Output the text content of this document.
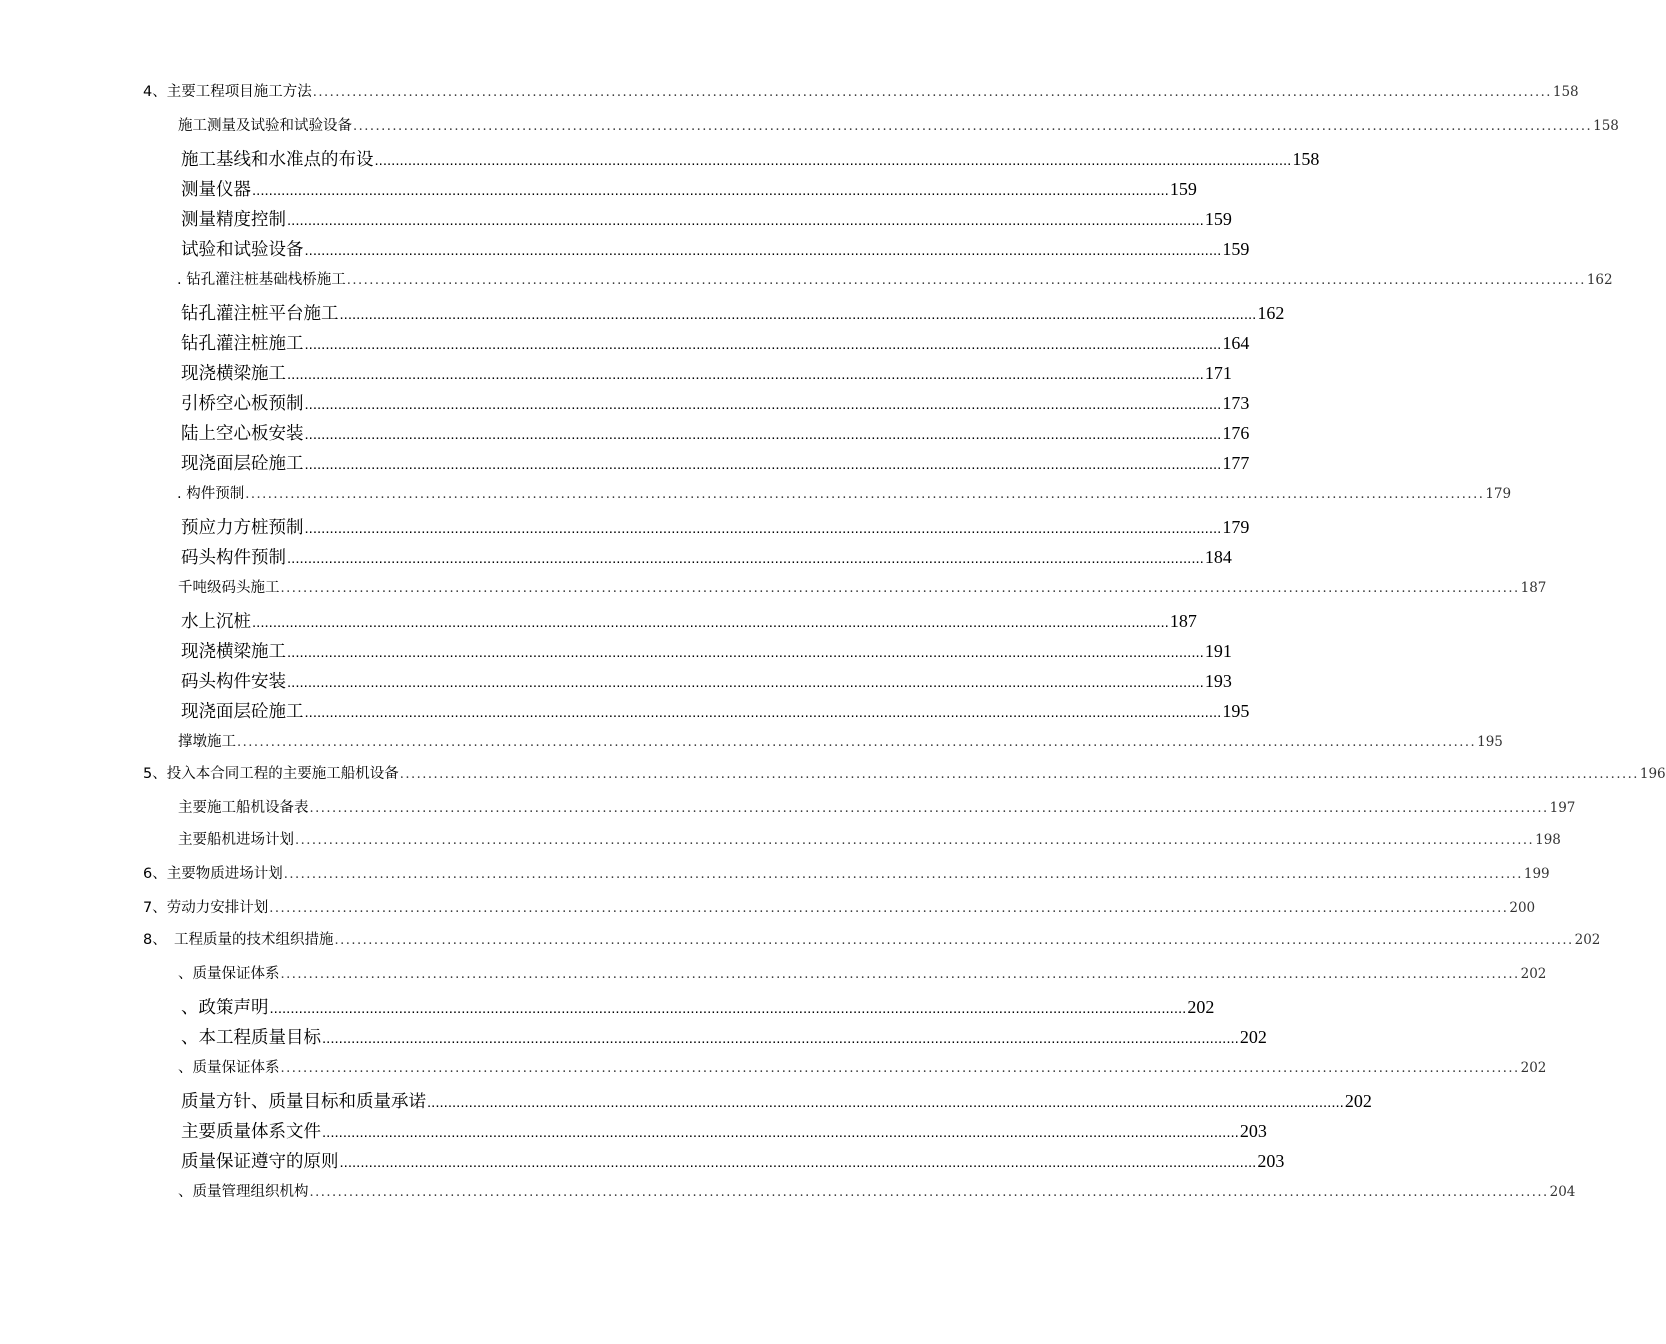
4、主要工程项目施工方法 ............................................................................................................................................................................................................................ 158
施工测量及试验和试验设备 ............................................................................................................................................................................................................................ 158
施工基线和水准点的布设 ............................................................................................................................................................................................................................ 158
测量仪器 ............................................................................................................................................................................................................................ 159
测量精度控制 ............................................................................................................................................................................................................................ 159
试验和试验设备 ............................................................................................................................................................................................................................ 159
. 钻孔灌注桩基础栈桥施工 ............................................................................................................................................................................................................................ 162
钻孔灌注桩平台施工 ............................................................................................................................................................................................................................ 162
钻孔灌注桩施工 ............................................................................................................................................................................................................................ 164
现浇横梁施工 ............................................................................................................................................................................................................................ 171
引桥空心板预制 ............................................................................................................................................................................................................................ 173
陆上空心板安装 ............................................................................................................................................................................................................................ 176
现浇面层砼施工 ............................................................................................................................................................................................................................ 177
. 构件预制 ............................................................................................................................................................................................................................ 179
预应力方桩预制 ............................................................................................................................................................................................................................ 179
码头构件预制 ............................................................................................................................................................................................................................ 184
千吨级码头施工 ............................................................................................................................................................................................................................ 187
水上沉桩 ............................................................................................................................................................................................................................ 187
现浇横梁施工 ............................................................................................................................................................................................................................ 191
码头构件安装 ............................................................................................................................................................................................................................ 193
现浇面层砼施工 ............................................................................................................................................................................................................................ 195
撑墩施工 ............................................................................................................................................................................................................................ 195
5、投入本合同工程的主要施工船机设备 ............................................................................................................................................................................................................................ 196
主要施工船机设备表 ............................................................................................................................................................................................................................ 197
主要船机进场计划 ............................................................................................................................................................................................................................ 198
6、主要物质进场计划 ............................................................................................................................................................................................................................ 199
7、劳动力安排计划 ............................................................................................................................................................................................................................ 200
8、　工程质量的技术组织措施 ............................................................................................................................................................................................................................ 202
、质量保证体系 ............................................................................................................................................................................................................................ 202
、政策声明 ............................................................................................................................................................................................................................ 202
、本工程质量目标 ............................................................................................................................................................................................................................ 202
、质量保证体系 ............................................................................................................................................................................................................................ 202
质量方针、质量目标和质量承诺 ............................................................................................................................................................................................................................ 202
主要质量体系文件 ............................................................................................................................................................................................................................ 203
质量保证遵守的原则 ............................................................................................................................................................................................................................ 203
、质量管理组织机构 ............................................................................................................................................................................................................................ 204
